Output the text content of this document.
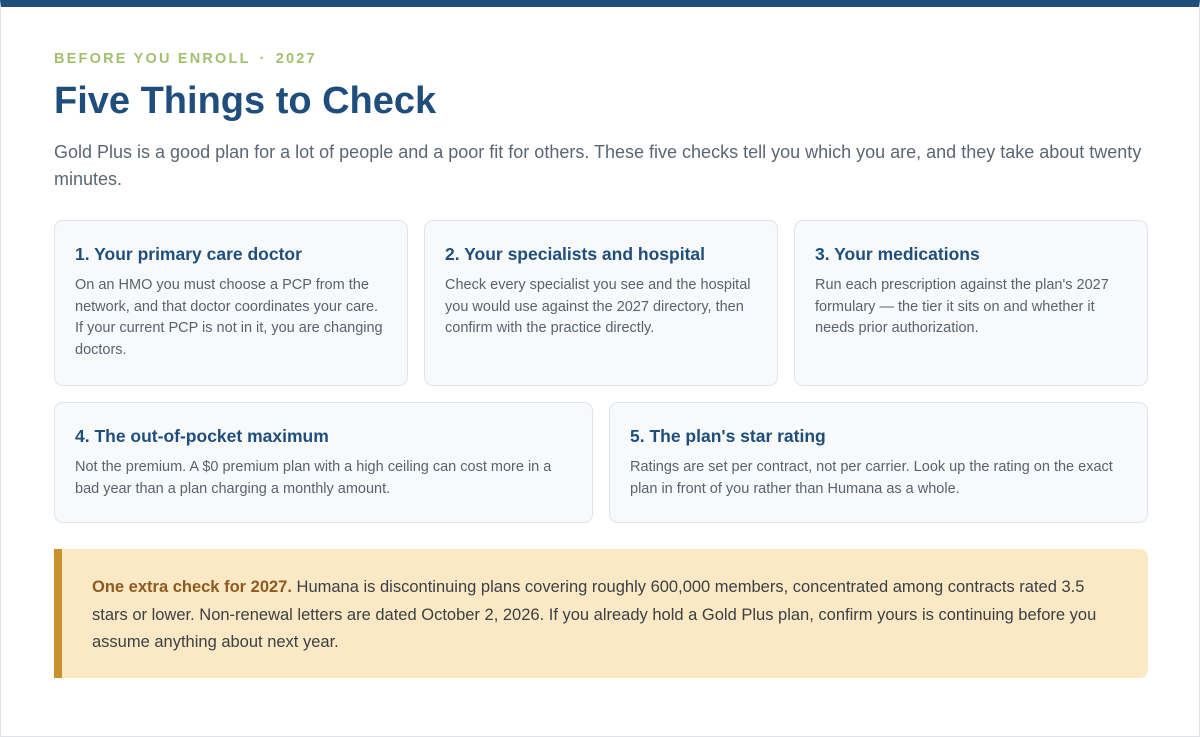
BEFORE YOU ENROLL · 2027
Five Things to Check

Gold Plus is a good plan for a lot of people and a poor fit for others. These five checks tell you which you are, and they take about twenty minutes.

1. Your primary care doctor

On an HMO you must choose a PCP from the network, and that doctor coordinates your care. If your current PCP is not in it, you are changing doctors.

2. Your specialists and hospital

Check every specialist you see and the hospital you would use against the 2027 directory, then confirm with the practice directly.

3. Your medications

Run each prescription against the plan's 2027 formulary — the tier it sits on and whether it needs prior authorization.

4. The out-of-pocket maximum

Not the premium. A $0 premium plan with a high ceiling can cost more in a bad year than a plan charging a monthly amount.

5. The plan's star rating

Ratings are set per contract, not per carrier. Look up the rating on the exact plan in front of you rather than Humana as a whole.

One extra check for 2027. Humana is discontinuing plans covering roughly 600,000 members, concentrated among contracts rated 3.5 stars or lower. Non-renewal letters are dated October 2, 2026. If you already hold a Gold Plus plan, confirm yours is continuing before you assume anything about next year.
